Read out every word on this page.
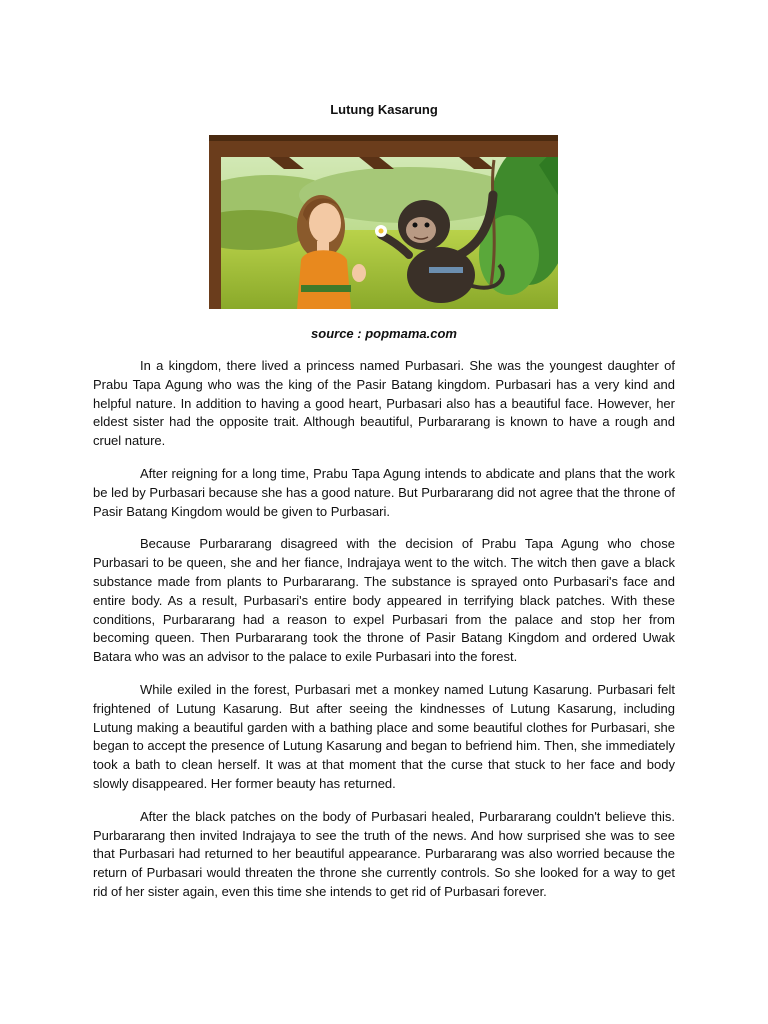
Lutung Kasarung
source : popmama.com

In a kingdom, there lived a princess named Purbasari. She was the youngest daughter of Prabu Tapa Agung who was the king of the Pasir Batang kingdom. Purbasari has a very kind and helpful nature. In addition to having a good heart, Purbasari also has a beautiful face. However, her eldest sister had the opposite trait. Although beautiful, Purbararang is known to have a rough and cruel nature.

After reigning for a long time, Prabu Tapa Agung intends to abdicate and plans that the work be led by Purbasari because she has a good nature. But Purbararang did not agree that the throne of Pasir Batang Kingdom would be given to Purbasari.

Because Purbararang disagreed with the decision of Prabu Tapa Agung who chose Purbasari to be queen, she and her fiance, Indrajaya went to the witch. The witch then gave a black substance made from plants to Purbararang. The substance is sprayed onto Purbasari's face and entire body. As a result, Purbasari's entire body appeared in terrifying black patches. With these conditions, Purbararang had a reason to expel Purbasari from the palace and stop her from becoming queen. Then Purbararang took the throne of Pasir Batang Kingdom and ordered Uwak Batara who was an advisor to the palace to exile Purbasari into the forest.

While exiled in the forest, Purbasari met a monkey named Lutung Kasarung. Purbasari felt frightened of Lutung Kasarung. But after seeing the kindnesses of Lutung Kasarung, including Lutung making a beautiful garden with a bathing place and some beautiful clothes for Purbasari, she began to accept the presence of Lutung Kasarung and began to befriend him. Then, she immediately took a bath to clean herself. It was at that moment that the curse that stuck to her face and body slowly disappeared. Her former beauty has returned.

After the black patches on the body of Purbasari healed, Purbararang couldn't believe this. Purbararang then invited Indrajaya to see the truth of the news. And how surprised she was to see that Purbasari had returned to her beautiful appearance. Purbararang was also worried because the return of Purbasari would threaten the throne she currently controls. So she looked for a way to get rid of her sister again, even this time she intends to get rid of Purbasari forever.
